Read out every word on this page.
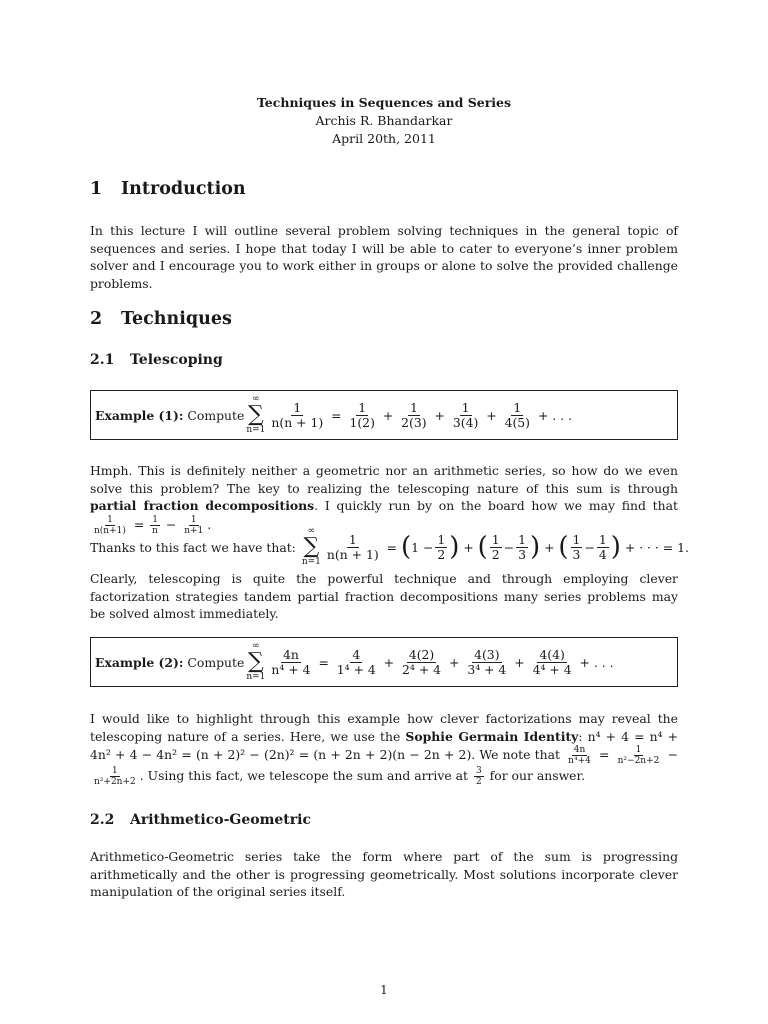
Techniques in Sequences and Series
Archis R. Bhandarkar
April 20th, 2011
1 Introduction

In this lecture I will outline several problem solving techniques in the general topic of sequences and series. I hope that today I will be able to cater to everyone’s inner problem solver and I encourage you to work either in groups or alone to solve the provided challenge problems.

2 Techniques
2.1 Telescoping
Example (1):
Compute
∞
∑
n=1
$\frac{1}{n(n + 1)} = \frac{1}{1(2)} + \frac{1}{2(3)} + \frac{1}{3(4)} + \frac{1}{4(5)}$
+ . . .

Hmph. This is definitely neither a geometric nor an arithmetic series, so how do we even solve this problem? The key to realizing the telescoping nature of this sum is through partial fraction decompositions. I quickly run by on the board how we may find that
$\frac{1}{n(n+1)} = \frac{1}{n} - \frac{1}{n+1}$ .

Thanks to this fact we have that:

∞
∑
n=1
$\frac{1}{n(n + 1)}$ = ( $1 - \frac{1}{2}$ ) + ( $\frac{1}{2} - \frac{1}{3}$ ) + ( $\frac{1}{3} - \frac{1}{4}$ )
+ · · · = 1.

Clearly, telescoping is quite the powerful technique and through employing clever factorization strategies tandem partial fraction decompositions many series problems may be solved almost immediately.

Example (2):
Compute
∞
∑
n=1
$\frac{4n}{\text{n⁴ + 4}} = \frac{4}{\text{1⁴ + 4}} + \frac{4(2)}{\text{2⁴ + 4}} + \frac{4(3)}{\text{3⁴ + 4}} + \frac{4(4)}{\text{4⁴ + 4}}$
+ . . .

I would like to highlight through this example how clever factorizations may reveal the telescoping nature of a series. Here, we use the Sophie Germain Identity: n⁴ + 4 = n⁴ + 4n² + 4 − 4n² = (n + 2)² − (2n)² = (n + 2n + 2)(n − 2n + 2). We note that $\frac{4n}{\text{n⁴+4}} = \frac{1}{\text{n²−2n+2}}$ −
$\frac{1}{\text{n²+2n+2}}$ . Using this fact, we telescope the sum and arrive at $\frac{3}{2}$ for our answer.

2.2 Arithmetico-Geometric

Arithmetico-Geometric series take the form where part of the sum is progressing arithmetically and the other is progressing geometrically. Most solutions incorporate clever manipulation of the original series itself.

1
